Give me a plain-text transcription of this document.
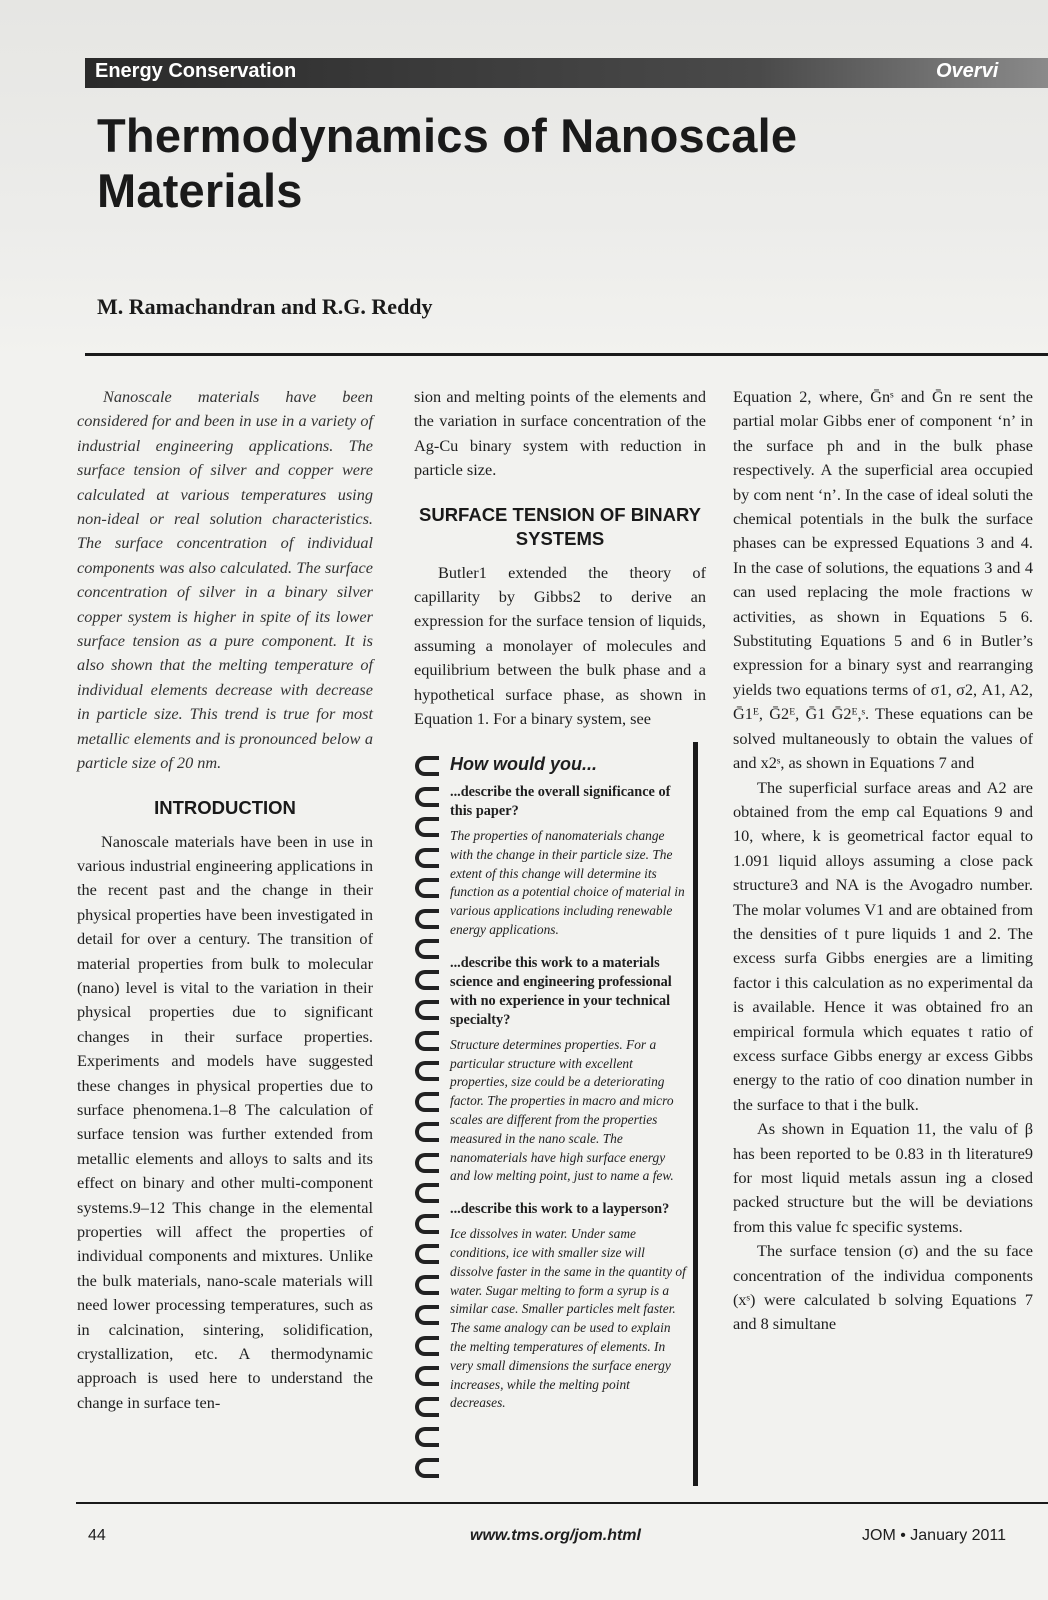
Energy Conservation	Overvi
Thermodynamics of Nanoscale Materials
M. Ramachandran and R.G. Reddy

Nanoscale materials have been considered for and been in use in a variety of industrial engineering applications. The surface tension of silver and copper were calculated at various temperatures using non-ideal or real solution characteristics. The surface concentration of individual components was also calculated. The surface concentration of silver in a binary silver copper system is higher in spite of its lower surface tension as a pure component. It is also shown that the melting temperature of individual elements decrease with decrease in particle size. This trend is true for most metallic elements and is pronounced below a particle size of 20 nm.

INTRODUCTION

Nanoscale materials have been in use in various industrial engineering applications in the recent past and the change in their physical properties have been investigated in detail for over a century. The transition of material properties from bulk to molecular (nano) level is vital to the variation in their physical properties due to significant changes in their surface properties. Experiments and models have suggested these changes in physical properties due to surface phenomena.1–8 The calculation of surface tension was further extended from metallic elements and alloys to salts and its effect on binary and other multi-component systems.9–12 This change in the elemental properties will affect the properties of individual components and mixtures. Unlike the bulk materials, nano-scale materials will need lower processing temperatures, such as in calcination, sintering, solidification, crystallization, etc. A thermodynamic approach is used here to understand the change in surface ten-

sion and melting points of the elements and the variation in surface concentration of the Ag-Cu binary system with reduction in particle size.

SURFACE TENSION OF BINARY SYSTEMS

Butler1 extended the theory of capillarity by Gibbs2 to derive an expression for the surface tension of liquids, assuming a monolayer of molecules and equilibrium between the bulk phase and a hypothetical surface phase, as shown in Equation 1. For a binary system, see

How would you...

...describe the overall significance of this paper?

The properties of nanomaterials change with the change in their particle size. The extent of this change will determine its function as a potential choice of material in various applications including renewable energy applications.

...describe this work to a materials science and engineering professional with no experience in your technical specialty?

Structure determines properties. For a particular structure with excellent properties, size could be a deteriorating factor. The properties in macro and micro scales are different from the properties measured in the nano scale. The nanomaterials have high surface energy and low melting point, just to name a few.

...describe this work to a layperson?

Ice dissolves in water. Under same conditions, ice with smaller size will dissolve faster in the same in the quantity of water. Sugar melting to form a syrup is a similar case. Smaller particles melt faster. The same analogy can be used to explain the melting temperatures of elements. In very small dimensions the surface energy increases, while the melting point decreases.

Equation 2, where, Ḡnˢ and Ḡn re sent the partial molar Gibbs ener of component ‘n’ in the surface ph and in the bulk phase respectively. A the superficial area occupied by com nent ‘n’. In the case of ideal soluti the chemical potentials in the bulk the surface phases can be expressed Equations 3 and 4. In the case of solutions, the equations 3 and 4 can used replacing the mole fractions w activities, as shown in Equations 5 6. Substituting Equations 5 and 6 in Butler’s expression for a binary syst and rearranging yields two equations terms of σ1, σ2, A1, A2, Ḡ1ᴱ, Ḡ2ᴱ, Ḡ1 Ḡ2ᴱ,ˢ. These equations can be solved multaneously to obtain the values of and x2ˢ, as shown in Equations 7 and

The superficial surface areas and A2 are obtained from the emp cal Equations 9 and 10, where, k is geometrical factor equal to 1.091 liquid alloys assuming a close pack structure3 and NA is the Avogadro number. The molar volumes V1 and are obtained from the densities of t pure liquids 1 and 2. The excess surfa Gibbs energies are a limiting factor i this calculation as no experimental da is available. Hence it was obtained fro an empirical formula which equates t ratio of excess surface Gibbs energy ar excess Gibbs energy to the ratio of coo dination number in the surface to that i the bulk.

As shown in Equation 11, the valu of β has been reported to be 0.83 in th literature9 for most liquid metals assun ing a closed packed structure but the will be deviations from this value fc specific systems.

The surface tension (σ) and the su face concentration of the individua components (xˢ) were calculated b solving Equations 7 and 8 simultane

44	www.tms.org/jom.html	JOM • January 2011
